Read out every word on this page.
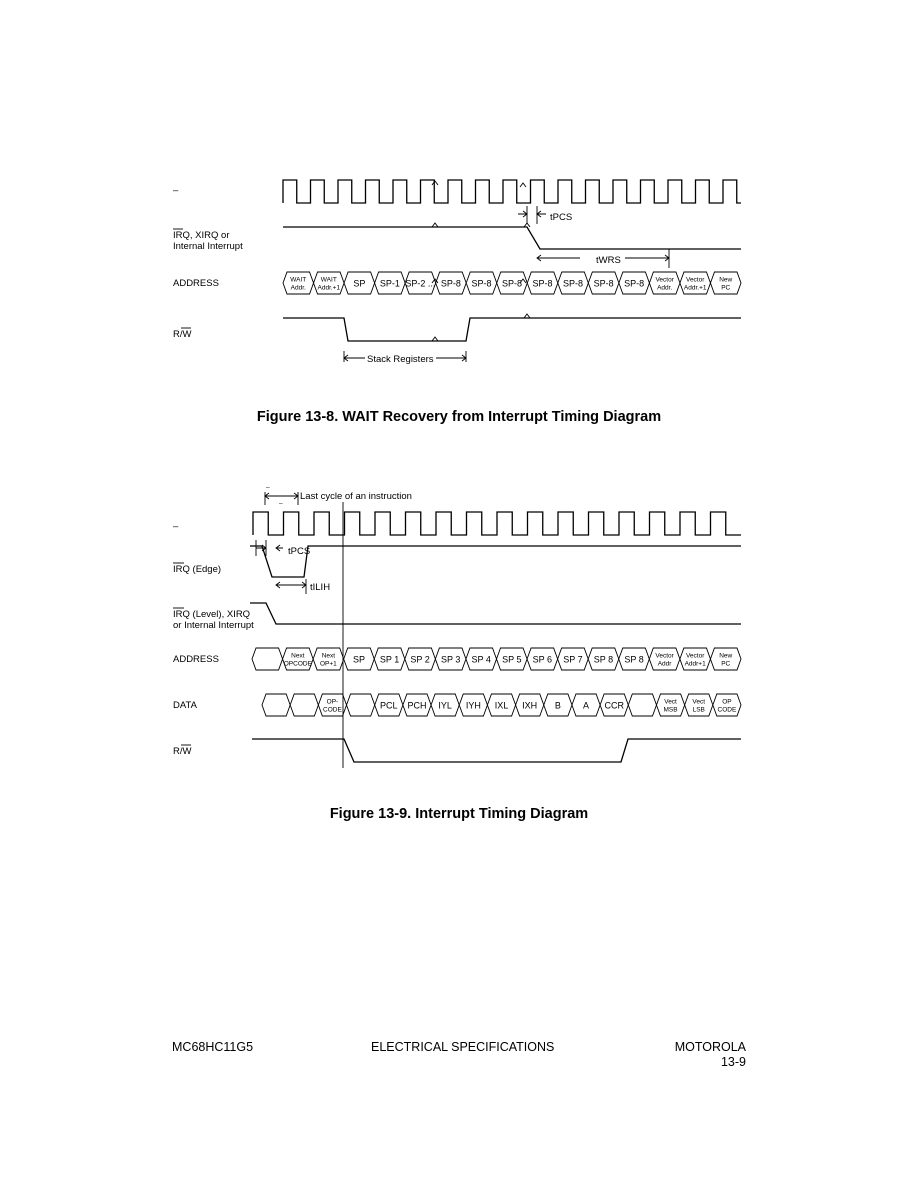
–
IRQ, XIRQ or
Internal Interrupt
ADDRESS
R/W
WAIT
Addr.
WAIT
Addr.+1 SP SP-1 SP-2 ... SP-8 SP-8 SP-8 SP-8 SP-8 SP-8 SP-8 Vector
Addr.
Vector
Addr.+1
New
PC
tPCS
tWRS
Stack Registers
Figure 13-8. WAIT Recovery from Interrupt Timing Diagram
–
IRQ (Edge)
IRQ (Level), XIRQ
or Internal Interrupt
ADDRESS
DATA
R/W
Next
OPCODE
Next
OP+1 SP SP 1 SP 2 SP 3 SP 4 SP 5 SP 6 SP 7 SP 8 SP 8 Vector
Addr
Vector
Addr+1
New
PC
OP-
CODE	PCL PCH IYL IYH IXL IXH B A CCR	Vect
MSB
Vect
LSB
OP
CODE
–
–
Last cycle of an instruction
tPCS
tILIH
Figure 13-9. Interrupt Timing Diagram
MC68HC11G5	ELECTRICAL SPECIFICATIONS	MOTOROLA
13-9
